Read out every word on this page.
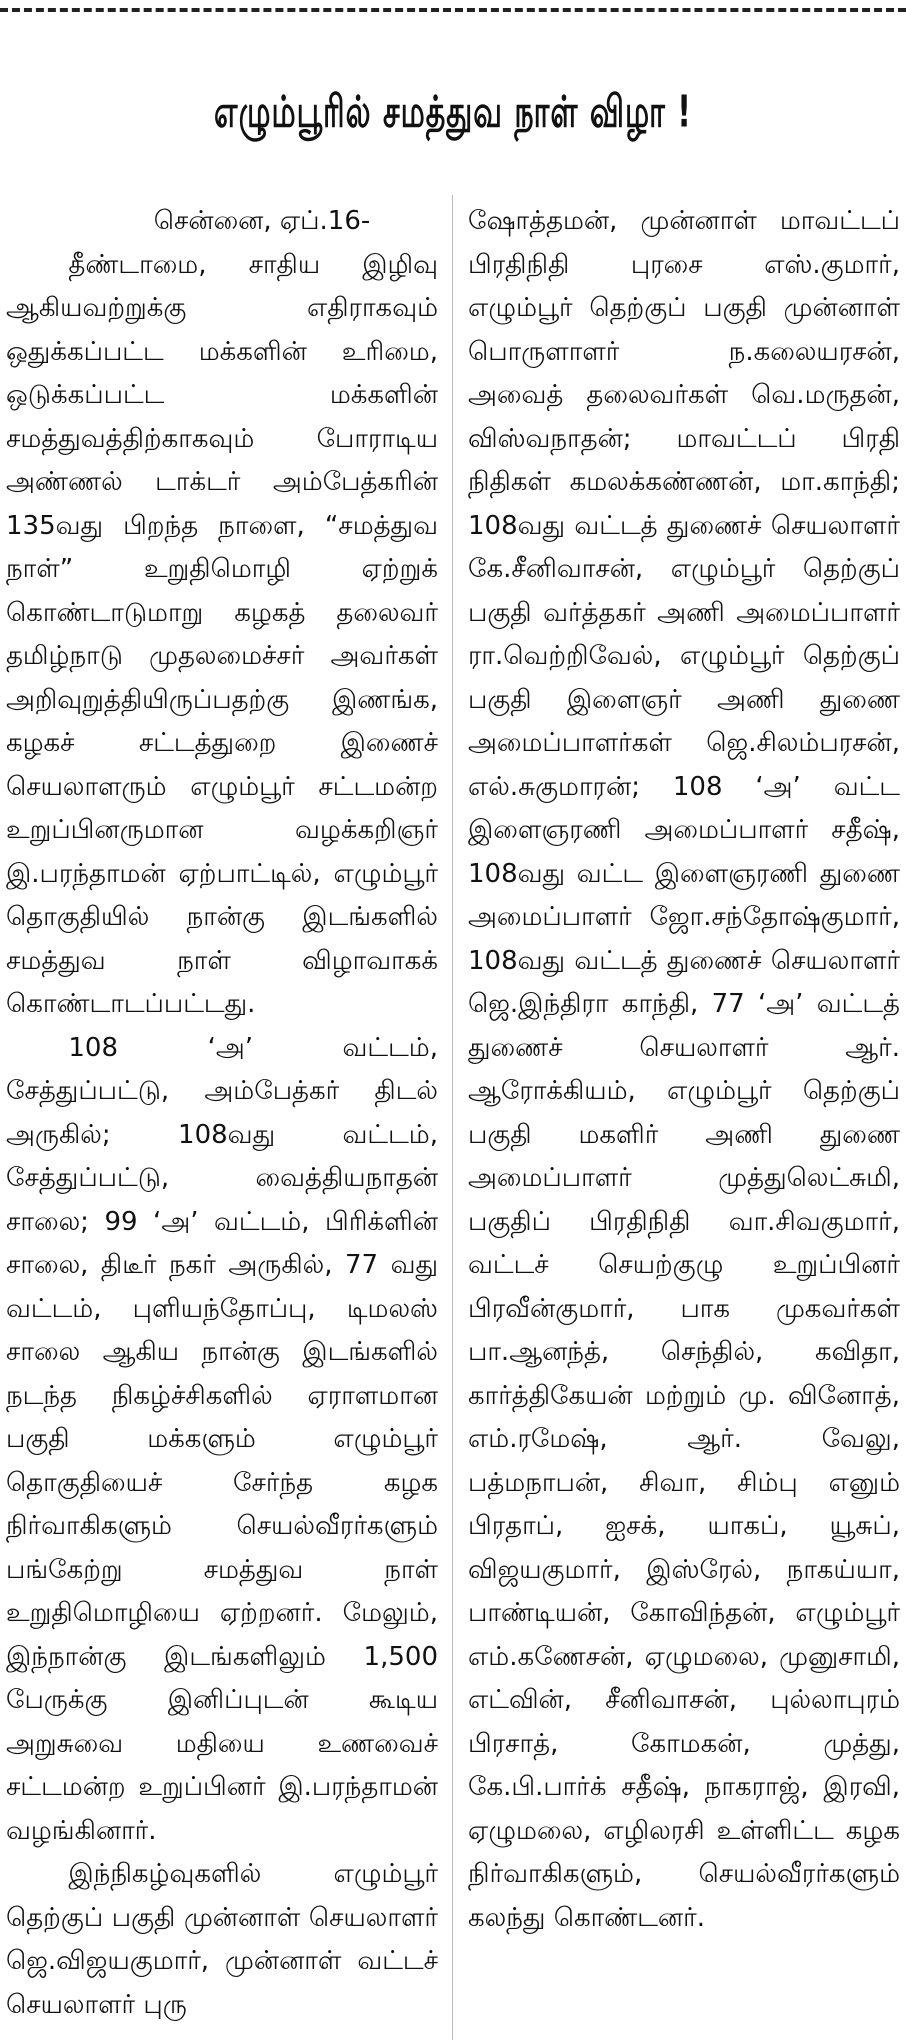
எழும்பூரில் சமத்துவ நாள் விழா !
சென்னை, ஏப்.16-

தீண்டாமை, சாதிய இழிவு ஆகியவற்றுக்கு எதிராகவும் ஒதுக்கப்பட்ட மக்களின் உரிமை, ஒடுக்கப்பட்ட மக்களின் சமத்துவத்திற்காகவும் போராடிய அண்ணல் டாக்டர் அம்பேத்கரின் 135வது பிறந்த நாளை, “சமத்துவ நாள்” உறுதிமொழி ஏற்றுக் கொண்டாடுமாறு கழகத் தலைவர் தமிழ்நாடு முதலமைச்சர் அவர்கள் அறிவுறுத்தியிருப்பதற்கு இணங்க, கழகச் சட்டத்துறை இணைச் செயலாளரும் எழும்பூர் சட்டமன்ற உறுப்பினருமான வழக்கறிஞர் இ.பரந்தாமன் ஏற்பாட்டில், எழும்பூர் தொகுதியில் நான்கு இடங்களில் சமத்துவ நாள் விழாவாகக் கொண்டாடப்பட்டது.

108 ‘அ’ வட்டம், சேத்துப்பட்டு, அம்பேத்கர் திடல் அருகில்; 108வது வட்டம், சேத்துப்பட்டு, வைத்தியநாதன் சாலை; 99 ‘அ’ வட்டம், பிரிக்ளின் சாலை, திடீர் நகர் அருகில், 77 வது வட்டம், புளியந்தோப்பு, டிமலஸ் சாலை ஆகிய நான்கு இடங்களில் நடந்த நிகழ்ச்சிகளில் ஏராளமான பகுதி மக்களும் எழும்பூர் தொகுதியைச் சேர்ந்த கழக நிர்வாகிகளும் செயல்வீரர்களும் பங்கேற்று சமத்துவ நாள் உறுதிமொழியை ஏற்றனர். மேலும், இந்நான்கு இடங்களிலும் 1,500 பேருக்கு இனிப்புடன் கூடிய அறுசுவை மதியை உணவைச் சட்டமன்ற உறுப்பினர் இ.பரந்தாமன் வழங்கினார்.

இந்நிகழ்வுகளில் எழும்பூர் தெற்குப் பகுதி முன்னாள் செயலாளர் ஜெ.விஜயகுமார், முன்னாள் வட்டச் செயலாளர் புரு

ஷோத்தமன், முன்னாள் மாவட்டப் பிரதிநிதி புரசை எஸ்.குமார், எழும்பூர் தெற்குப் பகுதி முன்னாள் பொருளாளர் ந.கலையரசன், அவைத் தலைவர்கள் வெ.மருதன், விஸ்வநாதன்; மாவட்டப் பிரதி நிதிகள் கமலக்கண்ணன், மா.காந்தி; 108வது வட்டத் துணைச் செயலாளர் கே.சீனிவாசன், எழும்பூர் தெற்குப் பகுதி வர்த்தகர் அணி அமைப்பாளர் ரா.வெற்றிவேல், எழும்பூர் தெற்குப் பகுதி இளைஞர் அணி துணை அமைப்பாளர்கள் ஜெ.சிலம்பரசன், எல்.சுகுமாரன்; 108 ‘அ’ வட்ட இளைஞரணி அமைப்பாளர் சதீஷ், 108வது வட்ட இளைஞரணி துணை அமைப்பாளர் ஜோ.சந்தோஷ்குமார், 108வது வட்டத் துணைச் செயலாளர் ஜெ.இந்திரா காந்தி, 77 ‘அ’ வட்டத் துணைச் செயலாளர் ஆர். ஆரோக்கியம், எழும்பூர் தெற்குப் பகுதி மகளிர் அணி துணை அமைப்பாளர் முத்துலெட்சுமி, பகுதிப் பிரதிநிதி வா.சிவகுமார், வட்டச் செயற்குழு உறுப்பினர் பிரவீன்குமார், பாக முகவர்கள் பா.ஆனந்த், செந்தில், கவிதா, கார்த்திகேயன் மற்றும் மு. வினோத், எம்.ரமேஷ், ஆர். வேலு, பத்மநாபன், சிவா, சிம்பு எனும் பிரதாப், ஐசக், யாகப், யூசுப், விஜயகுமார், இஸ்ரேல், நாகய்யா, பாண்டியன், கோவிந்தன், எழும்பூர் எம்.கணேசன், ஏழுமலை, முனுசாமி, எட்வின், சீனிவாசன், புல்லாபுரம் பிரசாத், கோமகன், முத்து, கே.பி.பார்க் சதீஷ், நாகராஜ், இரவி, ஏழுமலை, எழிலரசி உள்ளிட்ட கழக நிர்வாகிகளும், செயல்வீரர்களும் கலந்து கொண்டனர்.
